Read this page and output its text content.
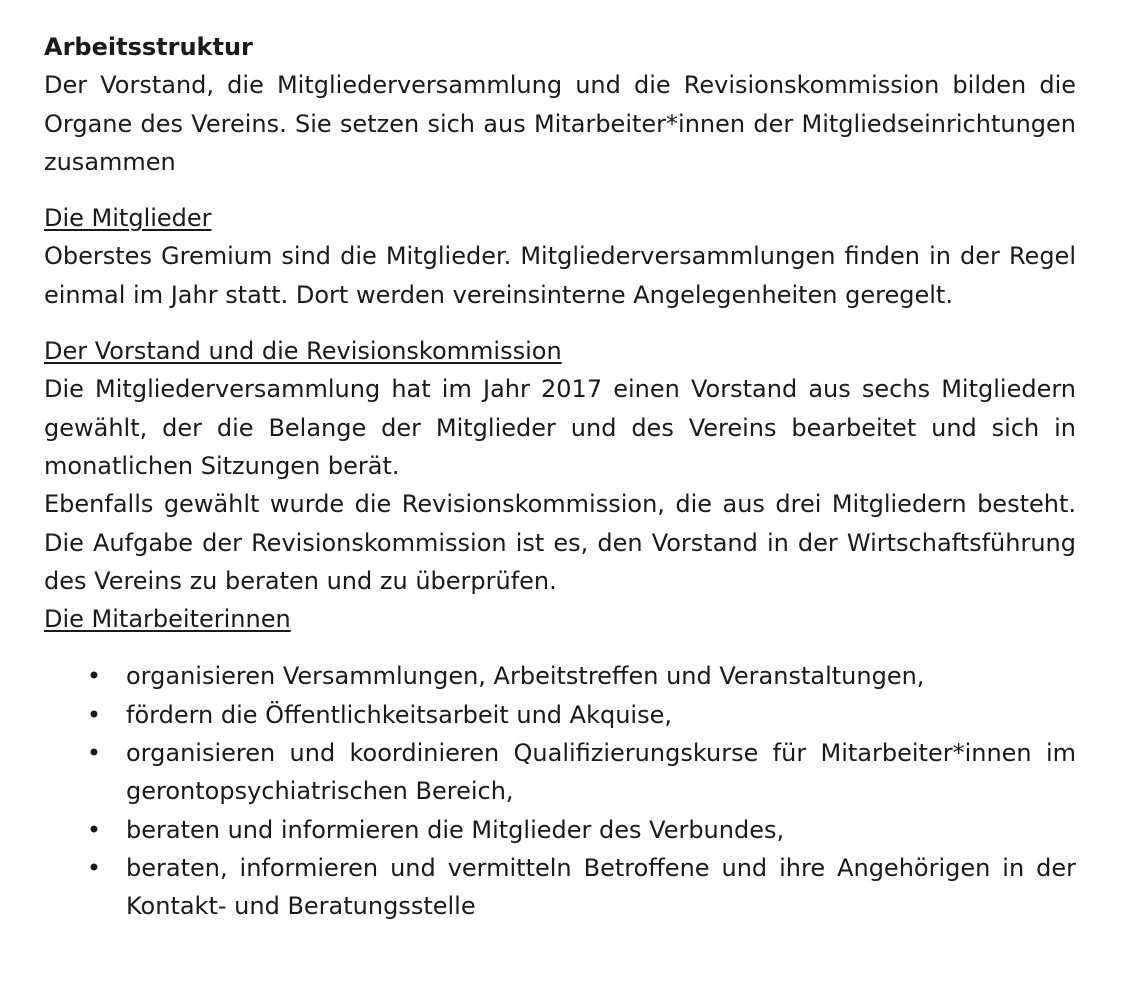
Arbeitsstruktur

Der Vorstand, die Mitgliederversammlung und die Revisionskommission bilden die Organe des Vereins. Sie setzen sich aus Mitarbeiter*innen der Mitgliedseinrichtungen zusammen

Die Mitglieder

Oberstes Gremium sind die Mitglieder. Mitgliederversammlungen finden in der Regel einmal im Jahr statt. Dort werden vereinsinterne Angelegenheiten geregelt.

Der Vorstand und die Revisionskommission

Die Mitgliederversammlung hat im Jahr 2017 einen Vorstand aus sechs Mitgliedern gewählt, der die Belange der Mitglieder und des Vereins bearbeitet und sich in monatlichen Sitzungen berät.

Ebenfalls gewählt wurde die Revisionskommission, die aus drei Mitgliedern besteht. Die Aufgabe der Revisionskommission ist es, den Vorstand in der Wirtschaftsführung des Vereins zu beraten und zu überprüfen.

Die Mitarbeiterinnen
• organisieren Versammlungen, Arbeitstreffen und Veranstaltungen,
• fördern die Öffentlichkeitsarbeit und Akquise,
• organisieren und koordinieren Qualifizierungskurse für Mitarbeiter*innen im gerontopsychiatrischen Bereich,
• beraten und informieren die Mitglieder des Verbundes,
• beraten, informieren und vermitteln Betroffene und ihre Angehörigen in der Kontakt- und Beratungsstelle
